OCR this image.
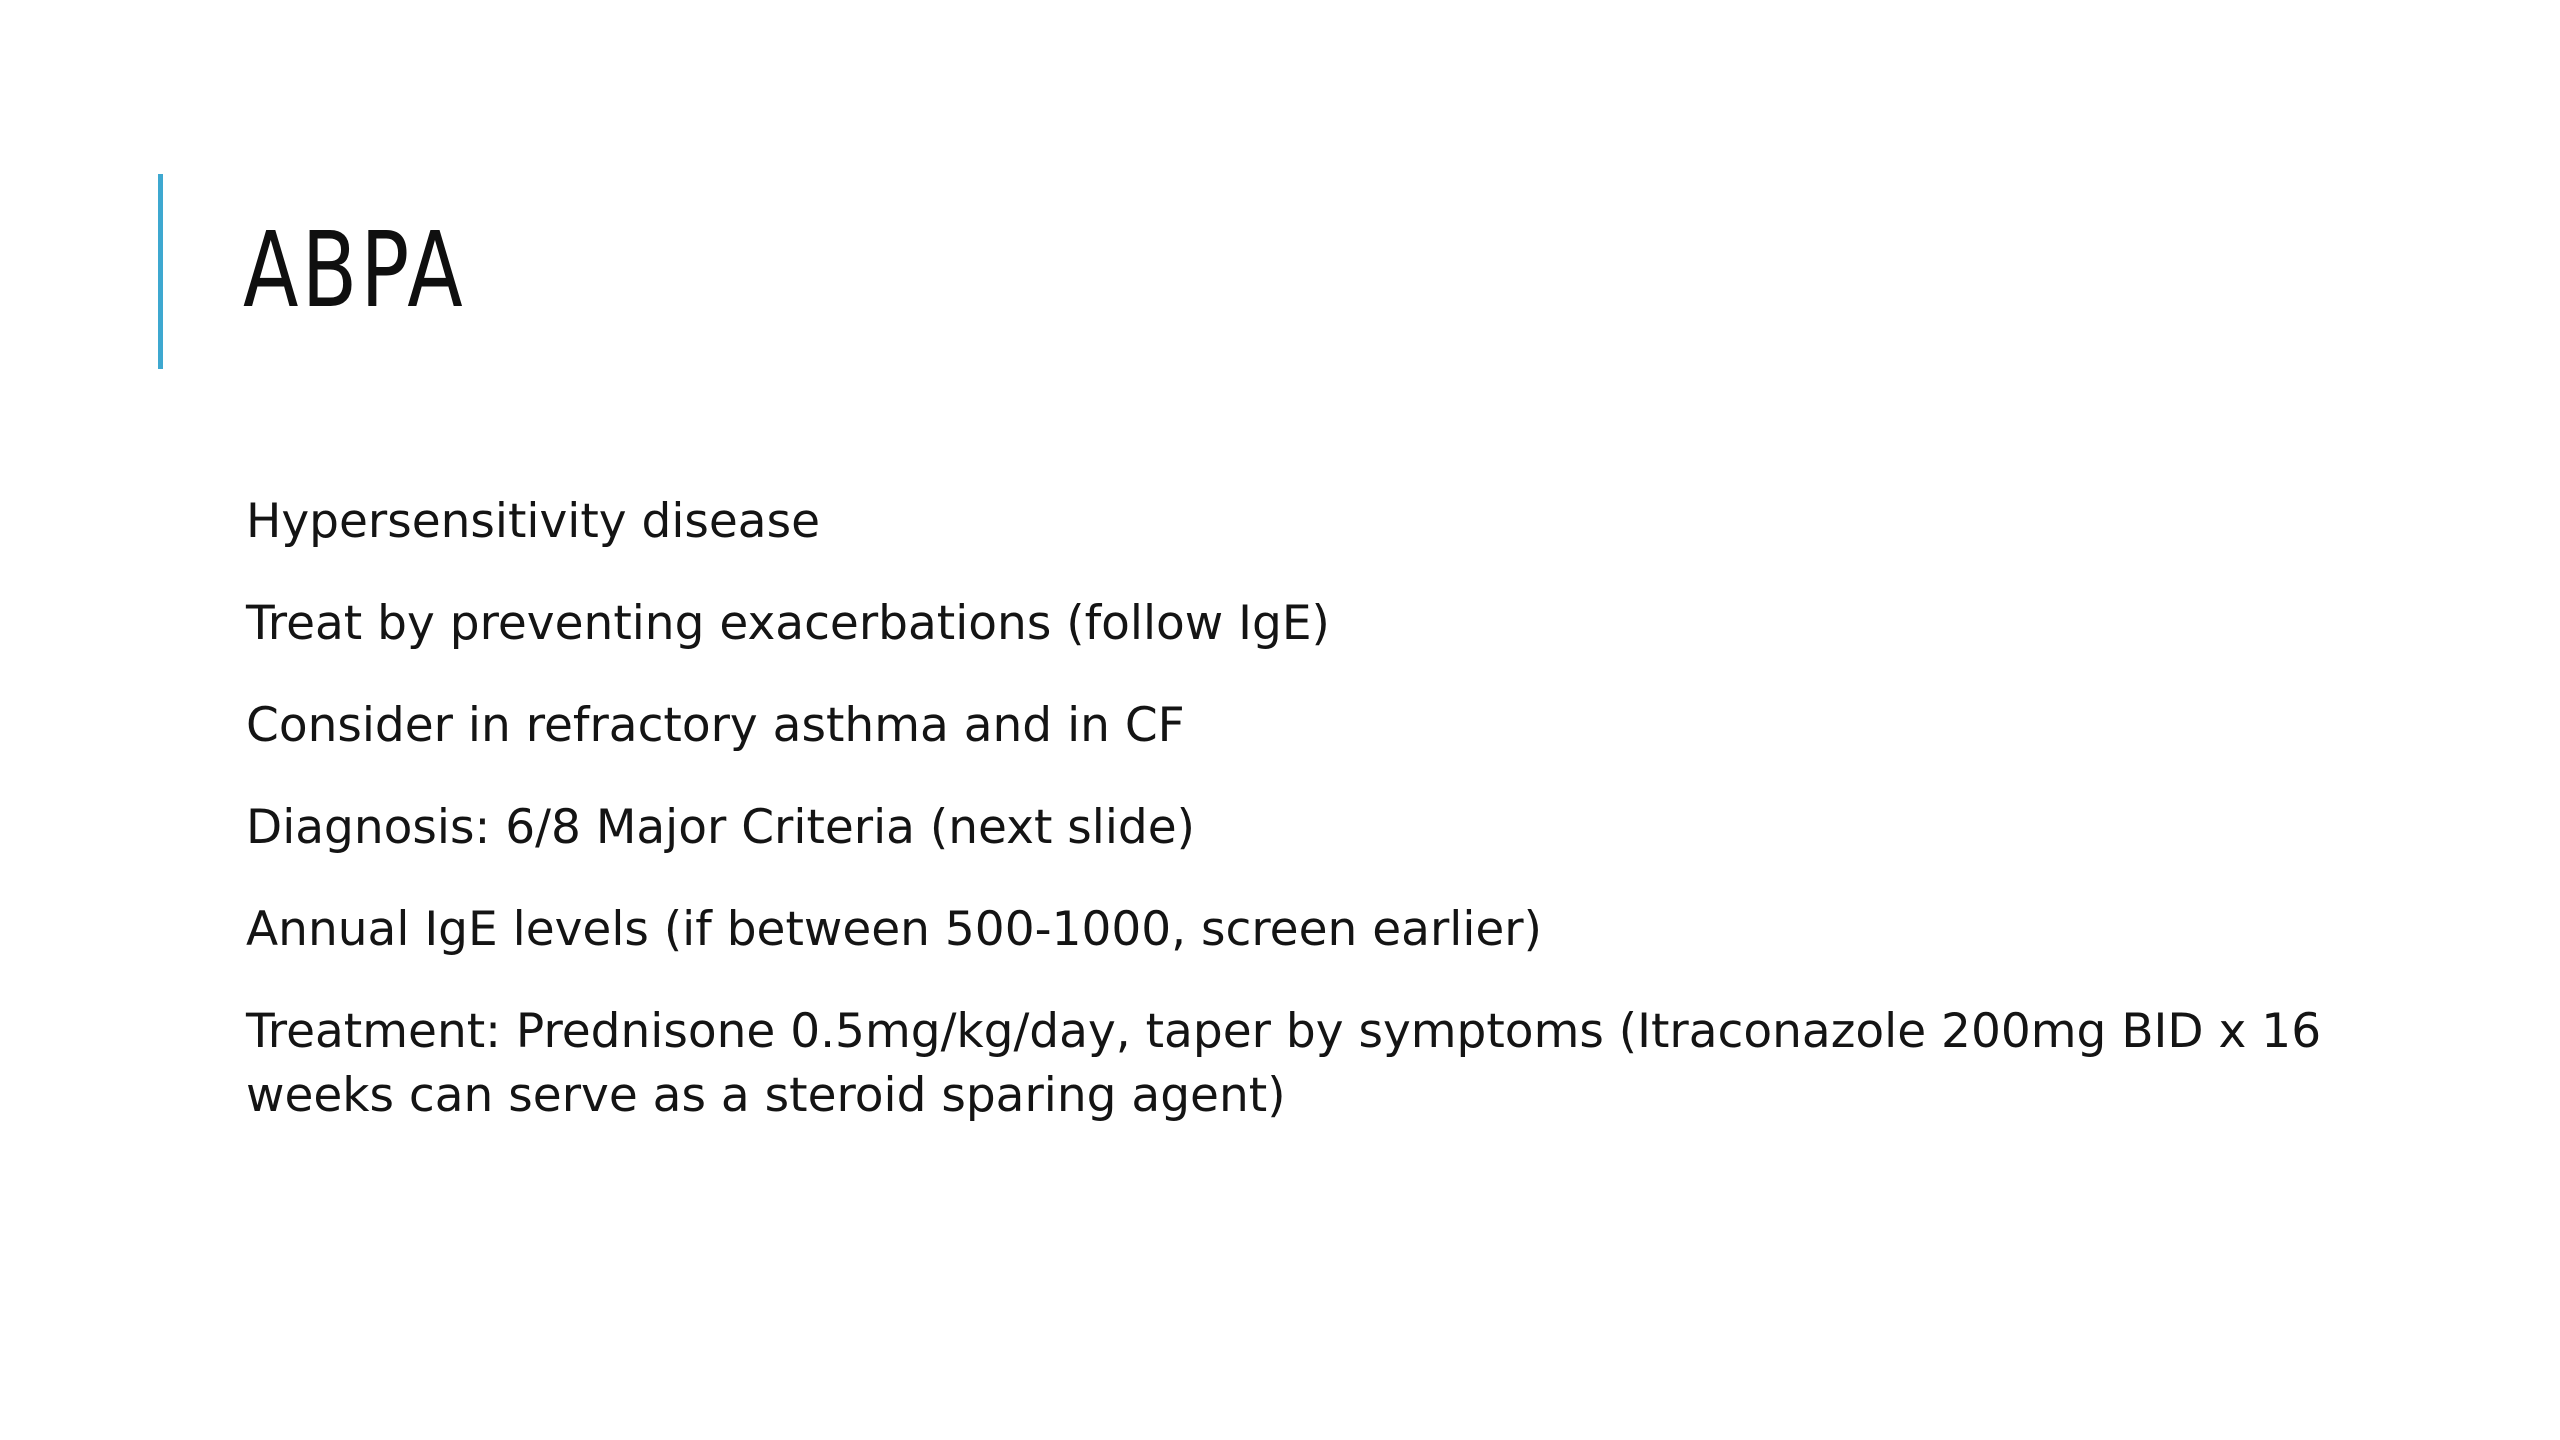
ABPA
Hypersensitivity disease
Treat by preventing exacerbations (follow IgE)
Consider in refractory asthma and in CF
Diagnosis: 6/8 Major Criteria (next slide)
Annual IgE levels (if between 500-1000, screen earlier)
Treatment: Prednisone 0.5mg/kg/day, taper by symptoms (Itraconazole 200mg BID x 16 weeks can serve as a steroid sparing agent)
